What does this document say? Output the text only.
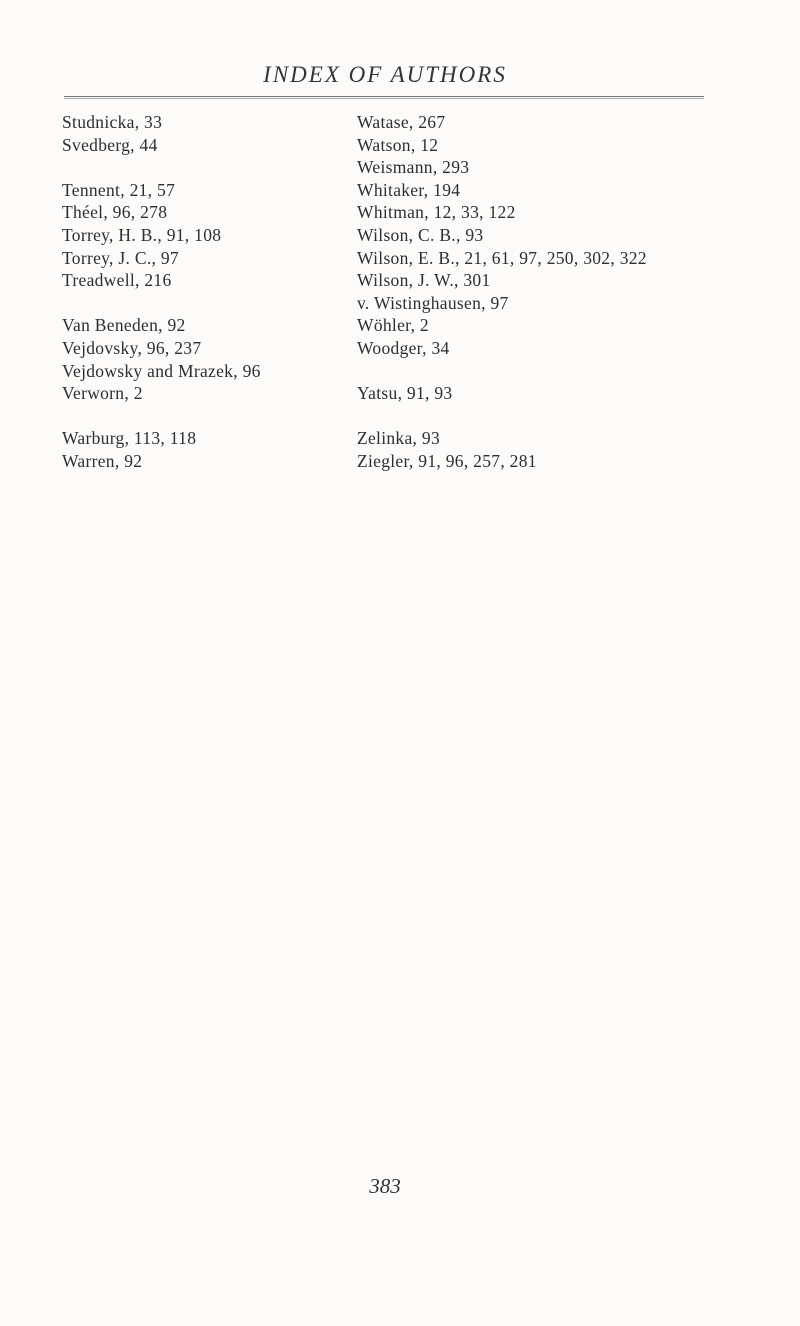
INDEX OF AUTHORS
Studnicka, 33
Svedberg, 44
Tennent, 21, 57
Théel, 96, 278
Torrey, H. B., 91, 108
Torrey, J. C., 97
Treadwell, 216
Van Beneden, 92
Vejdovsky, 96, 237
Vejdowsky and Mrazek, 96
Verworn, 2
Warburg, 113, 118
Warren, 92
Watase, 267
Watson, 12
Weismann, 293
Whitaker, 194
Whitman, 12, 33, 122
Wilson, C. B., 93
Wilson, E. B., 21, 61, 97, 250, 302, 322
Wilson, J. W., 301
v. Wistinghausen, 97
Wöhler, 2
Woodger, 34
Yatsu, 91, 93
Zelinka, 93
Ziegler, 91, 96, 257, 281
383
